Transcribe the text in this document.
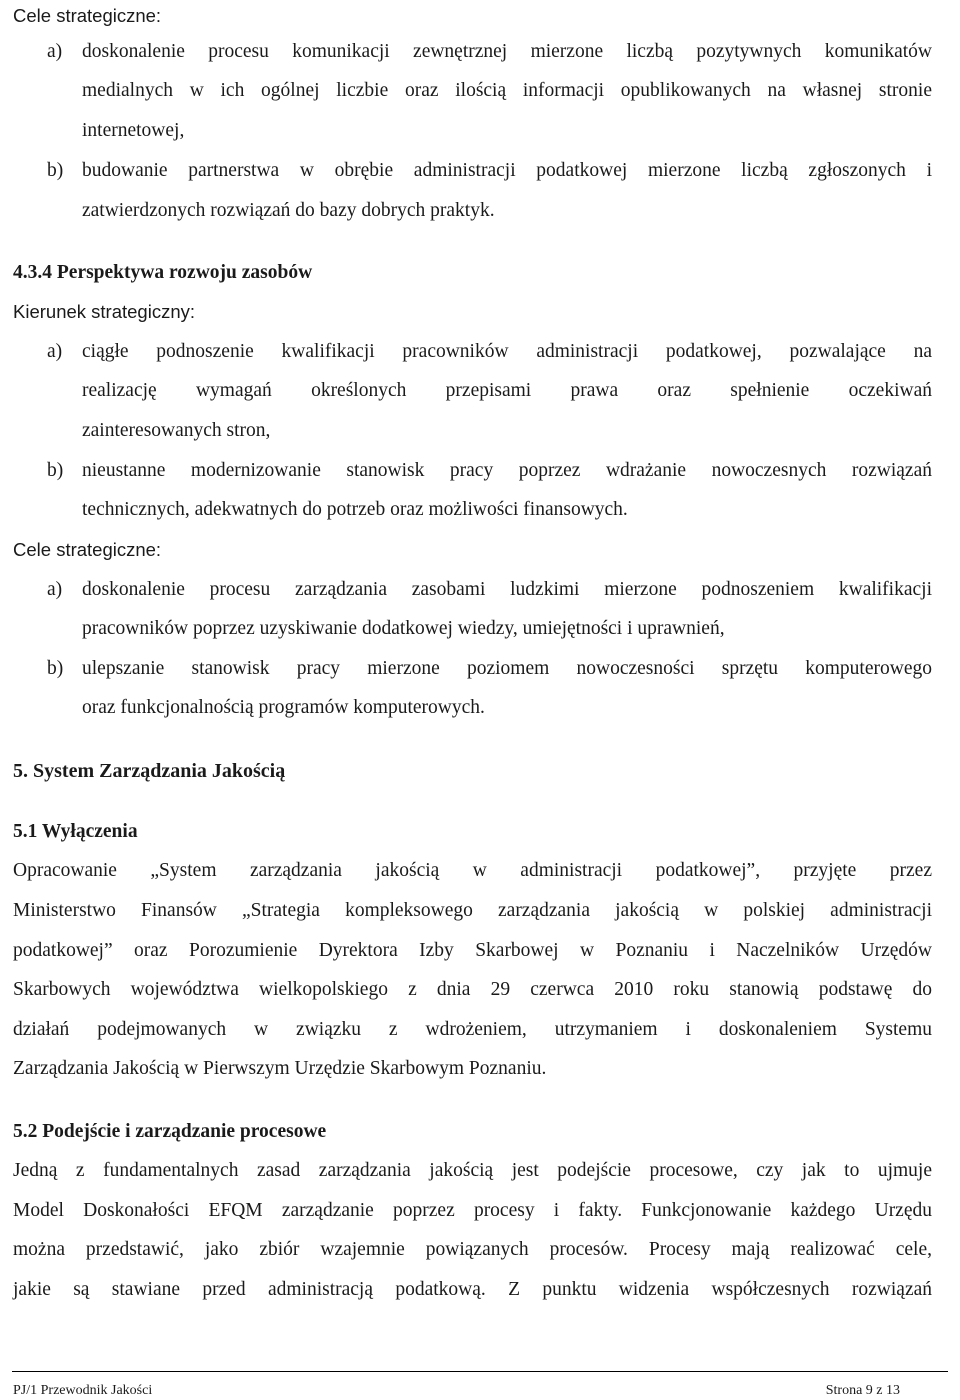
Cele strategiczne:
a) doskonalenie procesu komunikacji zewnętrznej mierzone liczbą pozytywnych komunikatów
medialnych w ich ogólnej liczbie oraz ilością informacji opublikowanych na własnej stronie
internetowej,
b) budowanie partnerstwa w obrębie administracji podatkowej mierzone liczbą zgłoszonych i
zatwierdzonych rozwiązań do bazy dobrych praktyk.
4.3.4 Perspektywa rozwoju zasobów
Kierunek strategiczny:
a) ciągłe podnoszenie kwalifikacji pracowników administracji podatkowej, pozwalające na
realizację wymagań określonych przepisami prawa oraz spełnienie oczekiwań
zainteresowanych stron,
b) nieustanne modernizowanie stanowisk pracy poprzez wdrażanie nowoczesnych rozwiązań
technicznych, adekwatnych do potrzeb oraz możliwości finansowych.
Cele strategiczne:
a) doskonalenie procesu zarządzania zasobami ludzkimi mierzone podnoszeniem kwalifikacji
pracowników poprzez uzyskiwanie dodatkowej wiedzy, umiejętności i uprawnień,
b) ulepszanie stanowisk pracy mierzone poziomem nowoczesności sprzętu komputerowego
oraz funkcjonalnością programów komputerowych.
5. System Zarządzania Jakością
5.1 Wyłączenia
Opracowanie „System zarządzania jakością w administracji podatkowej”, przyjęte przez
Ministerstwo Finansów „Strategia kompleksowego zarządzania jakością w polskiej administracji
podatkowej” oraz Porozumienie Dyrektora Izby Skarbowej w Poznaniu i Naczelników Urzędów
Skarbowych województwa wielkopolskiego z dnia 29 czerwca 2010 roku stanowią podstawę do
działań podejmowanych w związku z wdrożeniem, utrzymaniem i doskonaleniem Systemu
Zarządzania Jakością w Pierwszym Urzędzie Skarbowym Poznaniu.
5.2 Podejście i zarządzanie procesowe
Jedną z fundamentalnych zasad zarządzania jakością jest podejście procesowe, czy jak to ujmuje
Model Doskonałości EFQM zarządzanie poprzez procesy i fakty. Funkcjonowanie każdego Urzędu
można przedstawić, jako zbiór wzajemnie powiązanych procesów. Procesy mają realizować cele,
jakie są stawiane przed administracją podatkową. Z punktu widzenia współczesnych rozwiązań
PJ/1 Przewodnik Jakości	Strona 9 z 13
